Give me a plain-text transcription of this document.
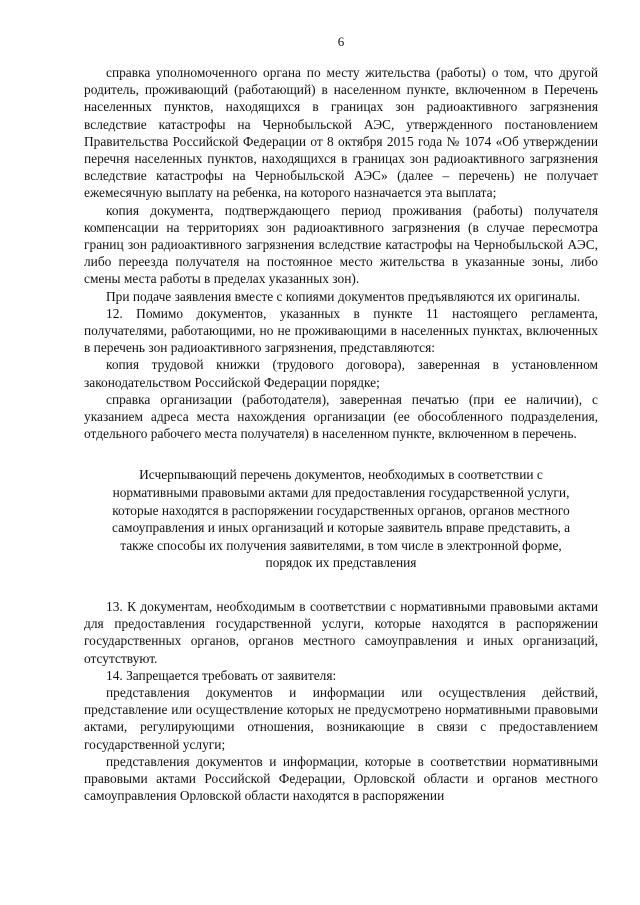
6

справка уполномоченного органа по месту жительства (работы) о том, что другой родитель, проживающий (работающий) в населенном пункте, включенном в Перечень населенных пунктов, находящихся в границах зон радиоактивного загрязнения вследствие катастрофы на Чернобыльской АЭС, утвержденного постановлением Правительства Российской Федерации от 8 октября 2015 года № 1074 «Об утверждении перечня населенных пунктов, находящихся в границах зон радиоактивного загрязнения вследствие катастрофы на Чернобыльской АЭС» (далее – перечень) не получает ежемесячную выплату на ребенка, на которого назначается эта выплата;

копия документа, подтверждающего период проживания (работы) получателя компенсации на территориях зон радиоактивного загрязнения (в случае пересмотра границ зон радиоактивного загрязнения вследствие катастрофы на Чернобыльской АЭС, либо переезда получателя на постоянное место жительства в указанные зоны, либо смены места работы в пределах указанных зон).

При подаче заявления вместе с копиями документов предъявляются их оригиналы.

12. Помимо документов, указанных в пункте 11 настоящего регламента, получателями, работающими, но не проживающими в населенных пунктах, включенных в перечень зон радиоактивного загрязнения, представляются:

копия трудовой книжки (трудового договора), заверенная в установленном законодательством Российской Федерации порядке;

справка организации (работодателя), заверенная печатью (при ее наличии), с указанием адреса места нахождения организации (ее обособленного подразделения, отдельного рабочего места получателя) в населенном пункте, включенном в перечень.

Исчерпывающий перечень документов, необходимых в соответствии с
нормативными правовыми актами для предоставления государственной услуги,
которые находятся в распоряжении государственных органов, органов местного
самоуправления и иных организаций и которые заявитель вправе представить, а
также способы их получения заявителями, в том числе в электронной форме,
порядок их представления

13. К документам, необходимым в соответствии с нормативными правовыми актами для предоставления государственной услуги, которые находятся в распоряжении государственных органов, органов местного самоуправления и иных организаций, отсутствуют.

14. Запрещается требовать от заявителя:

представления документов и информации или осуществления действий, представление или осуществление которых не предусмотрено нормативными правовыми актами, регулирующими отношения, возникающие в связи с предоставлением государственной услуги;

представления документов и информации, которые в соответствии нормативными правовыми актами Российской Федерации, Орловской области и органов местного самоуправления Орловской области находятся в распоряжении
